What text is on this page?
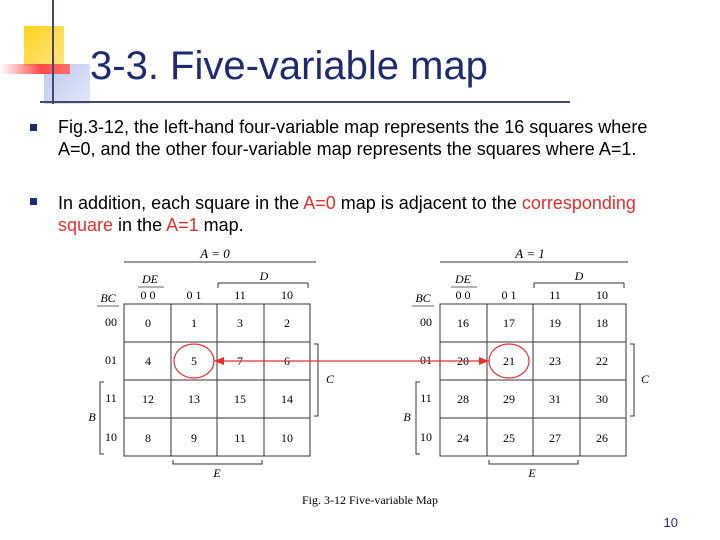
3-3. Five-variable map
Fig.3-12, the left-hand four-variable map represents the 16 squares where A=0, and the other four-variable map represents the squares where A=1.
In addition, each square in the A=0 map is adjacent to the corresponding square in the A=1 map.
A = 0
DE	D
BC 0 0	0 1	11	10
00
01
11
10
0	1	3	2
4	5	7	6
12	13	15	14
8	9	11	10
C
B
E
A = 1
DE	D
BC 0 0	0 1	11	10
00
01
11
10
16	17	19	18
20	21	23	22
28	29	31	30
24	25	27	26
C
B
E
Fig. 3-12 Five-variable Map
10
